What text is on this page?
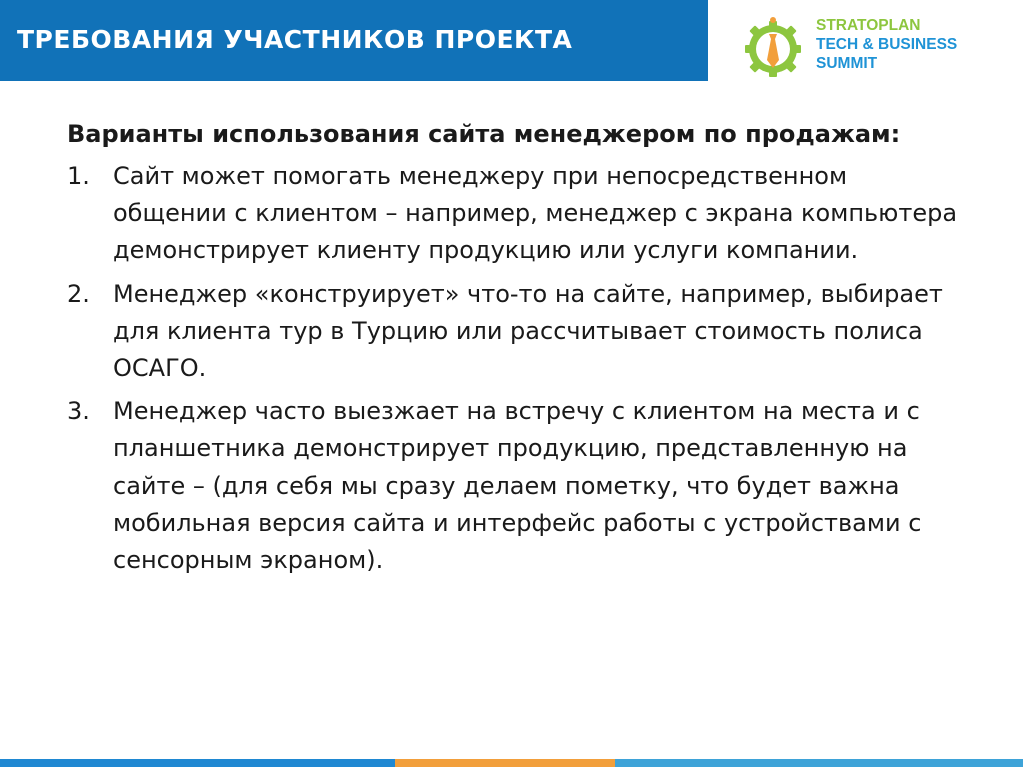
ТРЕБОВАНИЯ УЧАСТНИКОВ ПРОЕКТА	STRATOPLAN
TECH & BUSINESS
SUMMIT

Варианты использования сайта менеджером по продажам:

1. Сайт может помогать менеджеру при непосредственном общении с клиентом – например, менеджер с экрана компьютера демонстрирует клиенту продукцию или услуги компании.
2. Менеджер «конструирует» что-то на сайте, например, выбирает для клиента тур в Турцию или рассчитывает стоимость полиса ОСАГО.
3. Менеджер часто выезжает на встречу с клиентом на места и с планшетника демонстрирует продукцию, представленную на сайте – (для себя мы сразу делаем пометку, что будет важна мобильная версия сайта и интерфейс работы с устройствами с сенсорным экраном).
